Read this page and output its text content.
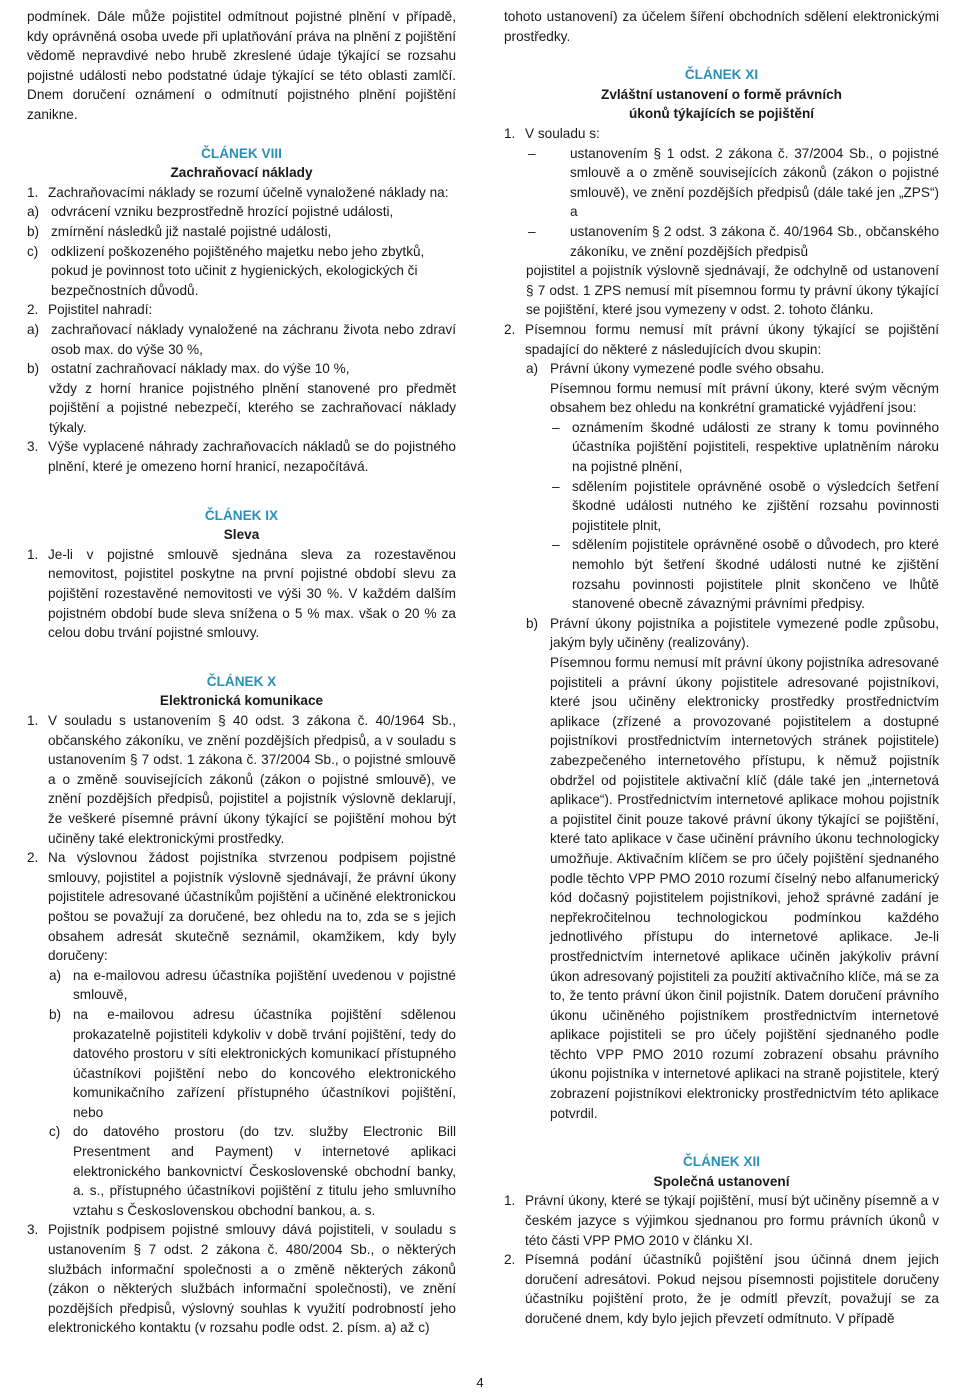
podmínek. Dále může pojistitel odmítnout pojistné plnění v případě, kdy oprávněná osoba uvede při uplatňování práva na plnění z pojištění vědomě nepravdivé nebo hrubě zkreslené údaje týkající se rozsahu pojistné události nebo podstatné údaje týkající se této oblasti zamlčí. Dnem doručení oznámení o odmítnutí pojistného plnění pojištění zanikne.

ČLÁNEK VIII

Zachraňovací náklady

1. Zachraňovacími náklady se rozumí účelně vynaložené náklady na:
a) odvrácení vzniku bezprostředně hrozící pojistné události,
b) zmírnění následků již nastalé pojistné události,
c) odklizení poškozeného pojištěného majetku nebo jeho zbytků, pokud je povinnost toto učinit z hygienických, ekologických či bezpečnostních důvodů.
2. Pojistitel nahradí:
a) zachraňovací náklady vynaložené na záchranu života nebo zdraví osob max. do výše 30 %,
b) ostatní zachraňovací náklady max. do výše 10 %,

vždy z horní hranice pojistného plnění stanovené pro předmět pojištění a pojistné nebezpečí, kterého se zachraňovací náklady týkaly.

3. Výše vyplacené náhrady zachraňovacích nákladů se do pojistného plnění, které je omezeno horní hranicí, nezapočítává.

ČLÁNEK IX

Sleva

1. Je-li v pojistné smlouvě sjednána sleva za rozestavěnou nemovitost, pojistitel poskytne na první pojistné období slevu za pojištění rozestavěné nemovitosti ve výši 30 %. V každém dalším pojistném období bude sleva snížena o 5 % max. však o 20 % za celou dobu trvání pojistné smlouvy.

ČLÁNEK X

Elektronická komunikace

1. V souladu s ustanovením § 40 odst. 3 zákona č. 40/1964 Sb., občanského zákoníku, ve znění pozdějších předpisů, a v souladu s ustanovením § 7 odst. 1 zákona č. 37/2004 Sb., o pojistné smlouvě a o změně souvisejících zákonů (zákon o pojistné smlouvě), ve znění pozdějších předpisů, pojistitel a pojistník výslovně deklarují, že veškeré písemné právní úkony týkající se pojištění mohou být učiněny také elektronickými prostředky.
2. Na výslovnou žádost pojistníka stvrzenou podpisem pojistné smlouvy, pojistitel a pojistník výslovně sjednávají, že právní úkony pojistitele adresované účastníkům pojištění a učiněné elektronickou poštou se považují za doručené, bez ohledu na to, zda se s jejich obsahem adresát skutečně seznámil, okamžikem, kdy byly doručeny:
a) na e-mailovou adresu účastníka pojištění uvedenou v pojistné smlouvě,
b) na e-mailovou adresu účastníka pojištění sdělenou prokazatelně pojistiteli kdykoliv v době trvání pojištění, tedy do datového prostoru v síti elektronických komunikací přístupného účastníkovi pojištění nebo do koncového elektronického komunikačního zařízení přístupného účastníkovi pojištění, nebo
c) do datového prostoru (do tzv. služby Electronic Bill Presentment and Payment) v internetové aplikaci elektronického bankovnictví Československé obchodní banky, a. s., přístupného účastníkovi pojištění z titulu jeho smluvního vztahu s Československou obchodní bankou, a. s.
3. Pojistník podpisem pojistné smlouvy dává pojistiteli, v souladu s ustanovením § 7 odst. 2 zákona č. 480/2004 Sb., o některých službách informační společnosti a o změně některých zákonů (zákon o některých službách informační společnosti), ve znění pozdějších předpisů, výslovný souhlas k využití podrobností jeho elektronického kontaktu (v rozsahu podle odst. 2. písm. a) až c)

tohoto ustanovení) za účelem šíření obchodních sdělení elektronickými prostředky.

ČLÁNEK XI

Zvláštní ustanovení o formě právních

úkonů týkajících se pojištění

1. V souladu s:
–	ustanovením § 1 odst. 2 zákona č. 37/2004 Sb., o pojistné smlouvě a o změně souvisejících zákonů (zákon o pojistné smlouvě), ve znění pozdějších předpisů (dále také jen „ZPS“) a
–	ustanovením § 2 odst. 3 zákona č. 40/1964 Sb., občanského zákoníku, ve znění pozdějších předpisů

pojistitel a pojistník výslovně sjednávají, že odchylně od ustanovení § 7 odst. 1 ZPS nemusí mít písemnou formu ty právní úkony týkající se pojištění, které jsou vymezeny v odst. 2. tohoto článku.

2. Písemnou formu nemusí mít právní úkony týkající se pojištění spadající do některé z následujících dvou skupin:
a) Právní úkony vymezené podle svého obsahu.

Písemnou formu nemusí mít právní úkony, které svým věcným obsahem bez ohledu na konkrétní gramatické vyjádření jsou:

– oznámením škodné události ze strany k tomu povinného účastníka pojištění pojistiteli, respektive uplatněním nároku na pojistné plnění,
– sdělením pojistitele oprávněné osobě o výsledcích šetření škodné události nutného ke zjištění rozsahu povinnosti pojistitele plnit,
– sdělením pojistitele oprávněné osobě o důvodech, pro které nemohlo být šetření škodné události nutné ke zjištění rozsahu povinnosti pojistitele plnit skončeno ve lhůtě stanovené obecně závaznými právními předpisy.
b) Právní úkony pojistníka a pojistitele vymezené podle způsobu, jakým byly učiněny (realizovány).

Písemnou formu nemusí mít právní úkony pojistníka adresované pojistiteli a právní úkony pojistitele adresované pojistníkovi, které jsou učiněny elektronicky prostředky prostřednictvím aplikace (zřízené a provozované pojistitelem a dostupné pojistníkovi prostřednictvím internetových stránek pojistitele) zabezpečeného internetového přístupu, k němuž pojistník obdržel od pojistitele aktivační klíč (dále také jen „internetová aplikace“). Prostřednictvím internetové aplikace mohou pojistník a pojistitel činit pouze takové právní úkony týkající se pojištění, které tato aplikace v čase učinění právního úkonu technologicky umožňuje. Aktivačním klíčem se pro účely pojištění sjednaného podle těchto VPP PMO 2010 rozumí číselný nebo alfanumerický kód dočasný pojistitelem pojistníkovi, jehož správné zadání je nepřekročitelnou technologickou podmínkou každého jednotlivého přístupu do internetové aplikace. Je-li prostřednictvím internetové aplikace učiněn jakýkoliv právní úkon adresovaný pojistiteli za použití aktivačního klíče, má se za to, že tento právní úkon činil pojistník. Datem doručení právního úkonu učiněného pojistníkem prostřednictvím internetové aplikace pojistiteli se pro účely pojištění sjednaného podle těchto VPP PMO 2010 rozumí zobrazení obsahu právního úkonu pojistníka v internetové aplikaci na straně pojistitele, který zobrazení pojistníkovi elektronicky prostřednictvím této aplikace potvrdil.

ČLÁNEK XII

Společná ustanovení

1. Právní úkony, které se týkají pojištění, musí být učiněny písemně a v českém jazyce s výjimkou sjednanou pro formu právních úkonů v této části VPP PMO 2010 v článku XI.
2. Písemná podání účastníků pojištění jsou účinná dnem jejich doručení adresátovi. Pokud nejsou písemnosti pojistitele doručeny účastníku pojištění proto, že je odmítl převzít, považují se za doručené dnem, kdy bylo jejich převzetí odmítnuto. V případě
4
